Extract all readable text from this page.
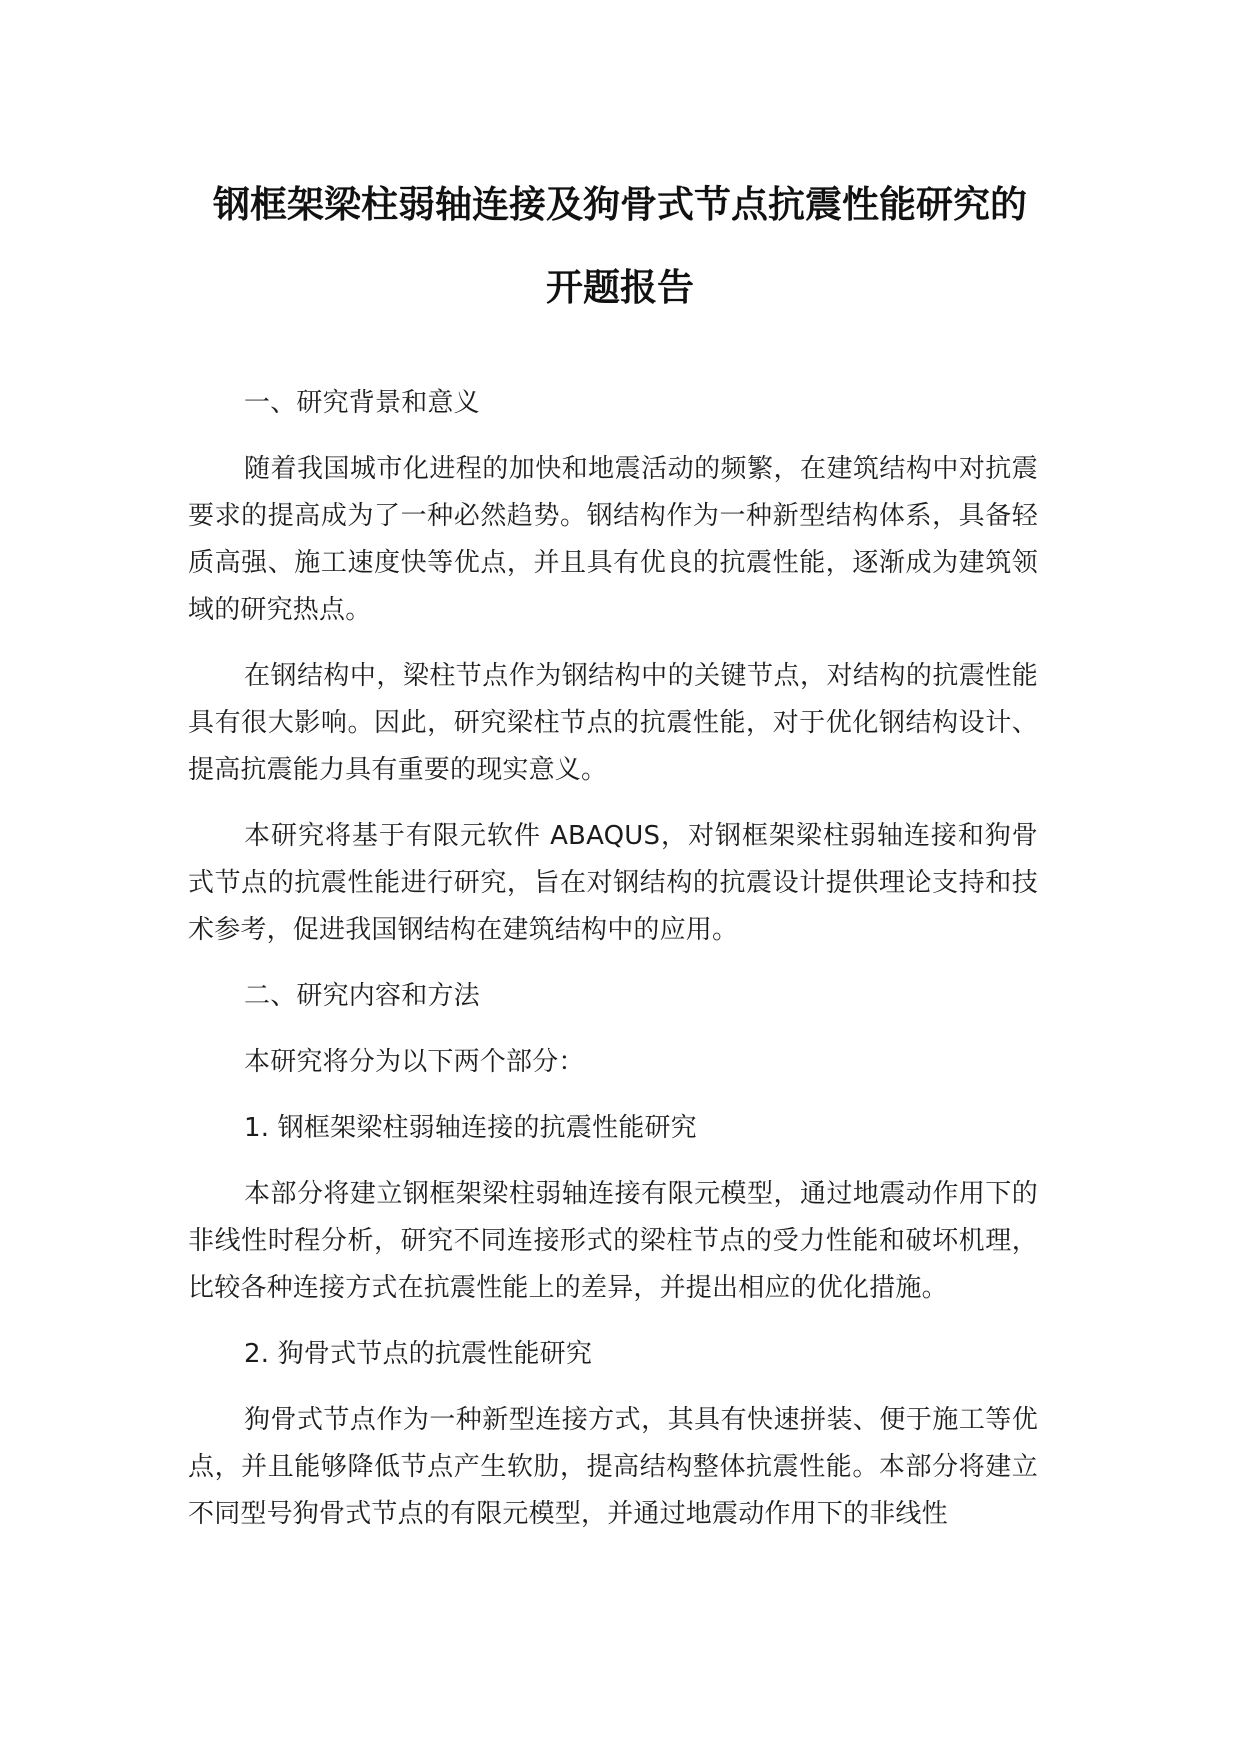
钢框架梁柱弱轴连接及狗骨式节点抗震性能研究的
开题报告

一、研究背景和意义

随着我国城市化进程的加快和地震活动的频繁，在建筑结构中对抗震要求的提高成为了一种必然趋势。钢结构作为一种新型结构体系，具备轻质高强、施工速度快等优点，并且具有优良的抗震性能，逐渐成为建筑领域的研究热点。

在钢结构中，梁柱节点作为钢结构中的关键节点，对结构的抗震性能具有很大影响。因此，研究梁柱节点的抗震性能，对于优化钢结构设计、提高抗震能力具有重要的现实意义。

本研究将基于有限元软件 ABAQUS，对钢框架梁柱弱轴连接和狗骨式节点的抗震性能进行研究，旨在对钢结构的抗震设计提供理论支持和技术参考，促进我国钢结构在建筑结构中的应用。

二、研究内容和方法

本研究将分为以下两个部分：

1. 钢框架梁柱弱轴连接的抗震性能研究

本部分将建立钢框架梁柱弱轴连接有限元模型，通过地震动作用下的非线性时程分析，研究不同连接形式的梁柱节点的受力性能和破坏机理，比较各种连接方式在抗震性能上的差异，并提出相应的优化措施。

2. 狗骨式节点的抗震性能研究

狗骨式节点作为一种新型连接方式，其具有快速拼装、便于施工等优点，并且能够降低节点产生软肋，提高结构整体抗震性能。本部分将建立不同型号狗骨式节点的有限元模型，并通过地震动作用下的非线性
